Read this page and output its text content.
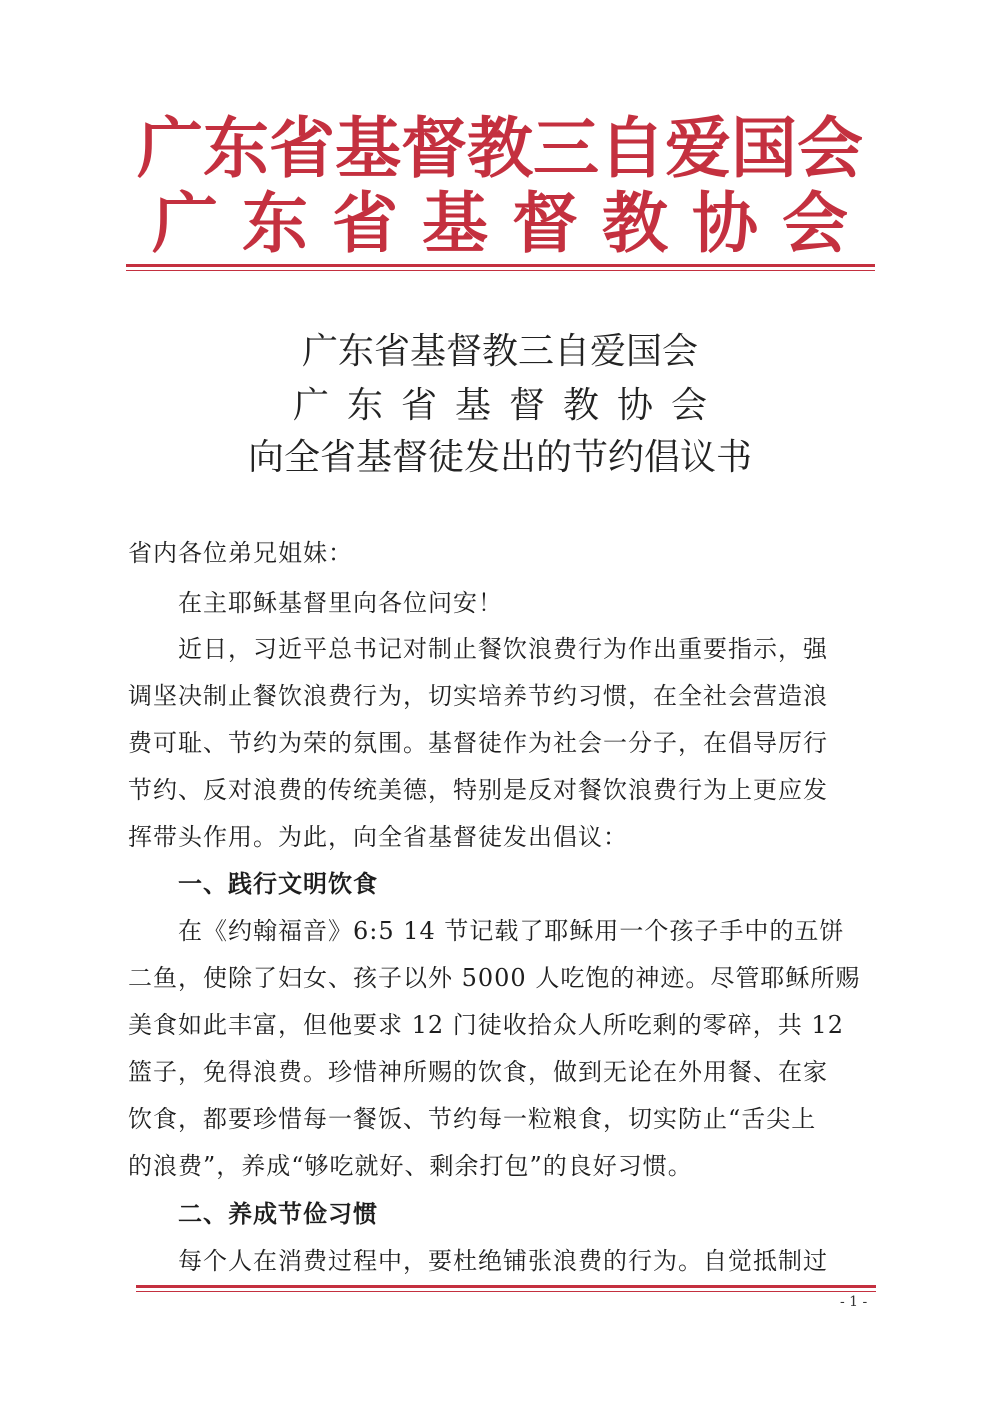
广东省基督教三自爱国会
广东省基督教协会
广东省基督教三自爱国会
广东省基督教协会
向全省基督徒发出的节约倡议书
省内各位弟兄姐妹：
在主耶稣基督里向各位问安！
近日，习近平总书记对制止餐饮浪费行为作出重要指示，强
调坚决制止餐饮浪费行为，切实培养节约习惯，在全社会营造浪
费可耻、节约为荣的氛围。基督徒作为社会一分子，在倡导厉行
节约、反对浪费的传统美德，特别是反对餐饮浪费行为上更应发
挥带头作用。为此，向全省基督徒发出倡议：
一、践行文明饮食
在《约翰福音》6:5 14 节记载了耶稣用一个孩子手中的五饼
二鱼，使除了妇女、孩子以外 5000 人吃饱的神迹。尽管耶稣所赐
美食如此丰富，但他要求 12 门徒收拾众人所吃剩的零碎，共 12
篮子，免得浪费。珍惜神所赐的饮食，做到无论在外用餐、在家
饮食，都要珍惜每一餐饭、节约每一粒粮食，切实防止“舌尖上
的浪费”，养成“够吃就好、剩余打包”的良好习惯。
二、养成节俭习惯
每个人在消费过程中，要杜绝铺张浪费的行为。自觉抵制过
- 1 -
